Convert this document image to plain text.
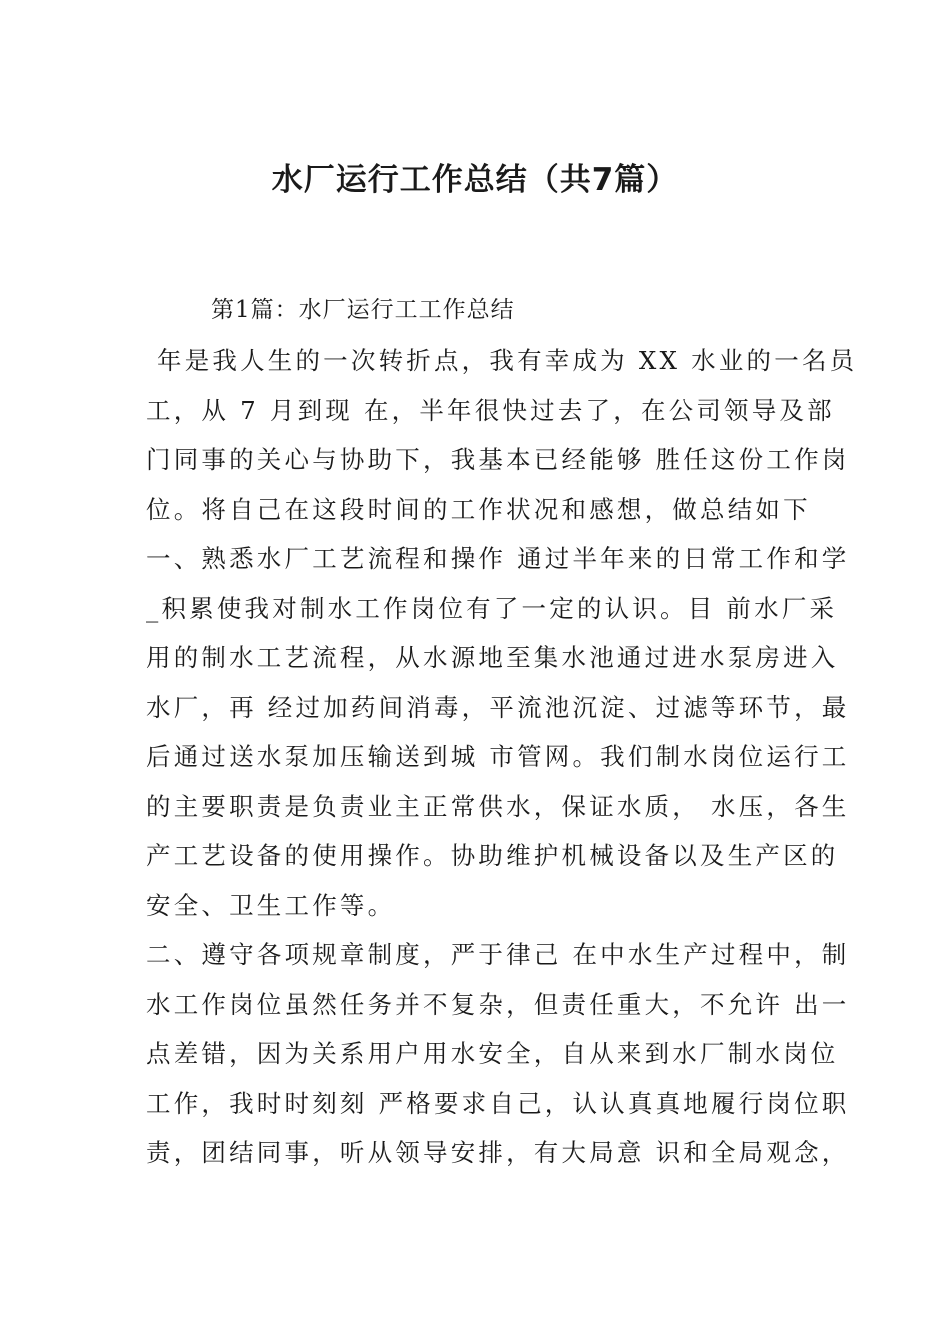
水厂运行工作总结（共7篇）

第1篇：水厂运行工工作总结

年是我人生的一次转折点，我有幸成为 XX 水业的一名员
工，从 7 月到现 在，半年很快过去了，在公司领导及部
门同事的关心与协助下，我基本已经能够 胜任这份工作岗
位。将自己在这段时间的工作状况和感想，做总结如下
一、熟悉水厂工艺流程和操作 通过半年来的日常工作和学
_积累使我对制水工作岗位有了一定的认识。目 前水厂采
用的制水工艺流程，从水源地至集水池通过进水泵房进入
水厂，再 经过加药间消毒，平流池沉淀、过滤等环节，最
后通过送水泵加压输送到城 市管网。我们制水岗位运行工
的主要职责是负责业主正常供水，保证水质， 水压，各生
产工艺设备的使用操作。协助维护机械设备以及生产区的
安全、卫生工作等。
二、遵守各项规章制度，严于律己 在中水生产过程中，制
水工作岗位虽然任务并不复杂，但责任重大，不允许 出一
点差错，因为关系用户用水安全，自从来到水厂制水岗位
工作，我时时刻刻 严格要求自己，认认真真地履行岗位职
责，团结同事，听从领导安排，有大局意 识和全局观念，
